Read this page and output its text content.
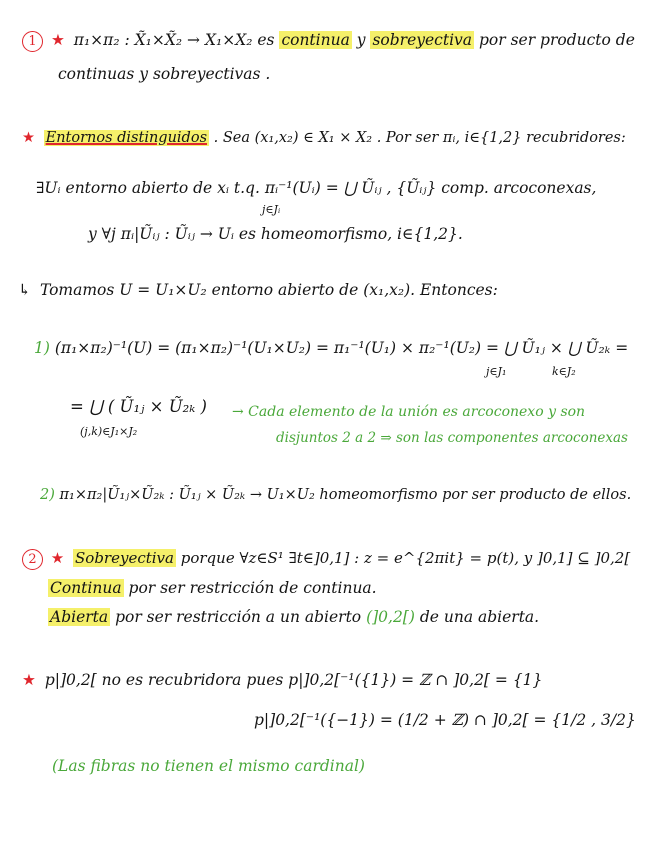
1 ★ π₁×π₂ : X̃₁×X̃₂ → X₁×X₂ es continua y sobreyectiva por ser producto de
continuas y sobreyectivas .
★ Entornos distinguidos . Sea (x₁,x₂) ∈ X₁ × X₂ . Por ser πᵢ, i∈{1,2} recubridores:
∃Uᵢ entorno abierto de xᵢ t.q. πᵢ⁻¹(Uᵢ) = ⋃ Ũᵢⱼ , {Ũᵢⱼ} comp. arcoconexas,
j∈Jᵢ
y ∀j πᵢ|Ũᵢⱼ : Ũᵢⱼ → Uᵢ es homeomorfismo, i∈{1,2}.
↳ Tomamos U = U₁×U₂ entorno abierto de (x₁,x₂). Entonces:
1) (π₁×π₂)⁻¹(U) = (π₁×π₂)⁻¹(U₁×U₂) = π₁⁻¹(U₁) × π₂⁻¹(U₂) = ⋃ Ũ₁ⱼ × ⋃ Ũ₂ₖ =
j∈J₁	k∈J₂
= ⋃ ( Ũ₁ⱼ × Ũ₂ₖ )
(j,k)∈J₁×J₂
→ Cada elemento de la unión es arcoconexo y son
disjuntos 2 a 2 ⇒ son las componentes arcoconexas
2) π₁×π₂|Ũ₁ⱼ×Ũ₂ₖ : Ũ₁ⱼ × Ũ₂ₖ → U₁×U₂ homeomorfismo por ser producto de ellos.
2 ★ Sobreyectiva porque ∀z∈S¹ ∃t∈]0,1] : z = e^{2πit} = p(t), y ]0,1] ⊆ ]0,2[
Continua por ser restricción de continua.
Abierta por ser restricción a un abierto (]0,2[) de una abierta.
★ p|]0,2[ no es recubridora pues p|]0,2[⁻¹({1}) = ℤ ∩ ]0,2[ = {1}
p|]0,2[⁻¹({−1}) = (1/2 + ℤ) ∩ ]0,2[ = {1/2 , 3/2}
(Las fibras no tienen el mismo cardinal)
